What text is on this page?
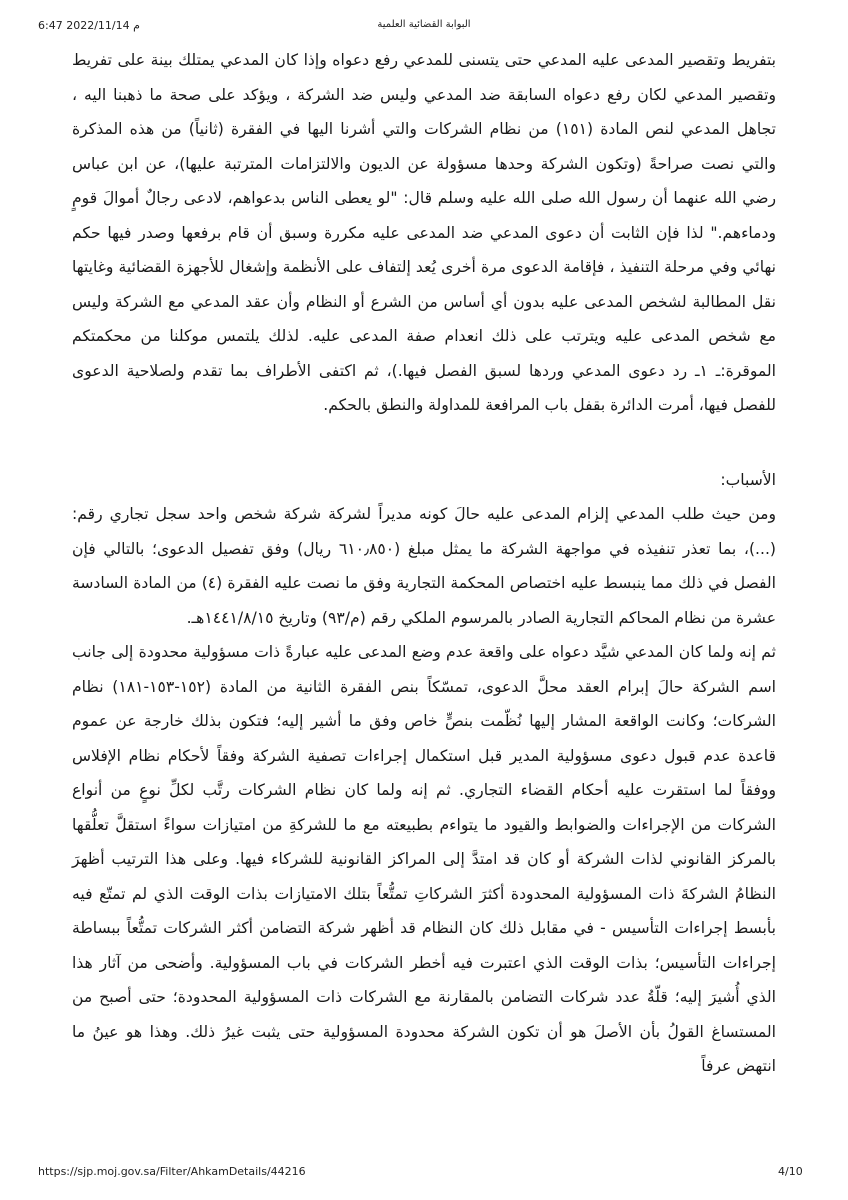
6:47 م 2022/11/14	البوابة القضائية العلمية

بتفريط وتقصير المدعى عليه المدعي حتى يتسنى للمدعي رفع دعواه وإذا كان المدعي يمتلك بينة على تفريط وتقصير المدعي لكان رفع دعواه السابقة ضد المدعي وليس ضد الشركة ، ويؤكد على صحة ما ذهبنا اليه ، تجاهل المدعي لنص المادة (١٥١) من نظام الشركات والتي أشرنا اليها في الفقرة (ثانياً) من هذه المذكرة والتي نصت صراحةً (وتكون الشركة وحدها مسؤولة عن الديون والالتزامات المترتبة عليها)، عن ابن عباس رضي الله عنهما أن رسول الله صلى الله عليه وسلم قال: "لو يعطى الناس بدعواهم، لادعى رجالٌ أموالَ قومٍ ودماءهم." لذا فإن الثابت أن دعوى المدعي ضد المدعى عليه مكررة وسبق أن قام برفعها وصدر فيها حكم نهائي وفي مرحلة التنفيذ ، فإقامة الدعوى مرة أخرى يُعد إلتفاف على الأنظمة وإشغال للأجهزة القضائية وغايتها نقل المطالبة لشخص المدعى عليه بدون أي أساس من الشرع أو النظام وأن عقد المدعي مع الشركة وليس مع شخص المدعى عليه ويترتب على ذلك انعدام صفة المدعى عليه. لذلك يلتمس موكلنا من محكمتكم الموقرة:ـ ١ـ رد دعوى المدعي وردها لسبق الفصل فيها.)، ثم اكتفى الأطراف بما تقدم ولصلاحية الدعوى للفصل فيها، أمرت الدائرة بقفل باب المرافعة للمداولة والنطق بالحكم.

الأسباب:

ومن حيث طلب المدعي إلزام المدعى عليه حالَ كونه مديراً لشركة شركة شخص واحد سجل تجاري رقم: (...)، بما تعذر تنفيذه في مواجهة الشركة ما يمثل مبلغ (٦١٠٫٨٥٠ ريال) وفق تفصيل الدعوى؛ بالتالي فإن الفصل في ذلك مما ينبسط عليه اختصاص المحكمة التجارية وفق ما نصت عليه الفقرة (٤) من المادة السادسة عشرة من نظام المحاكم التجارية الصادر بالمرسوم الملكي رقم (م/٩٣) وتاريخ ١٤٤١/٨/١٥هـ.

ثم إنه ولما كان المدعي شيَّد دعواه على واقعة عدم وضع المدعى عليه عبارةً ذات مسؤولية محدودة إلى جانب اسم الشركة حالَ إبرام العقد محلَّ الدعوى، تمسّكاً بنص الفقرة الثانية من المادة (١٥٢-١٥٣-١٨١) نظام الشركات؛ وكانت الواقعة المشار إليها نُظّمت بنصٍّ خاص وفق ما أشير إليه؛ فتكون بذلك خارجة عن عموم قاعدة عدم قبول دعوى مسؤولية المدير قبل استكمال إجراءات تصفية الشركة وفقاً لأحكام نظام الإفلاس ووفقاً لما استقرت عليه أحكام القضاء التجاري. ثم إنه ولما كان نظام الشركات رتَّب لكلِّ نوعٍ من أنواع الشركات من الإجراءات والضوابط والقيود ما يتواءم بطبيعته مع ما للشركةِ من امتيازات سواءً استقلَّ تعلُّقها بالمركز القانوني لذات الشركة أو كان قد امتدَّ إلى المراكز القانونية للشركاء فيها. وعلى هذا الترتيب أظهرَ النظامُ الشركةَ ذات المسؤولية المحدودة أكثرَ الشركاتِ تمتُّعاً بتلك الامتيازات بذات الوقت الذي لم تمتّع فيه بأبسط إجراءات التأسيس - في مقابل ذلك كان النظام قد أظهر شركة التضامن أكثر الشركات تمتُّعاً ببساطة إجراءات التأسيس؛ بذات الوقت الذي اعتبرت فيه أخطر الشركات في باب المسؤولية. وأضحى من آثار هذا الذي أُشيرَ إليه؛ قلّةُ عدد شركات التضامن بالمقارنة مع الشركات ذات المسؤولية المحدودة؛ حتى أصبح من المستساغ القولُ بأن الأصلَ هو أن تكون الشركة محدودة المسؤولية حتى يثبت غيرُ ذلك. وهذا هو عينُ ما انتهض عرفاً

https://sjp.moj.gov.sa/Filter/AhkamDetails/44216	4/10
